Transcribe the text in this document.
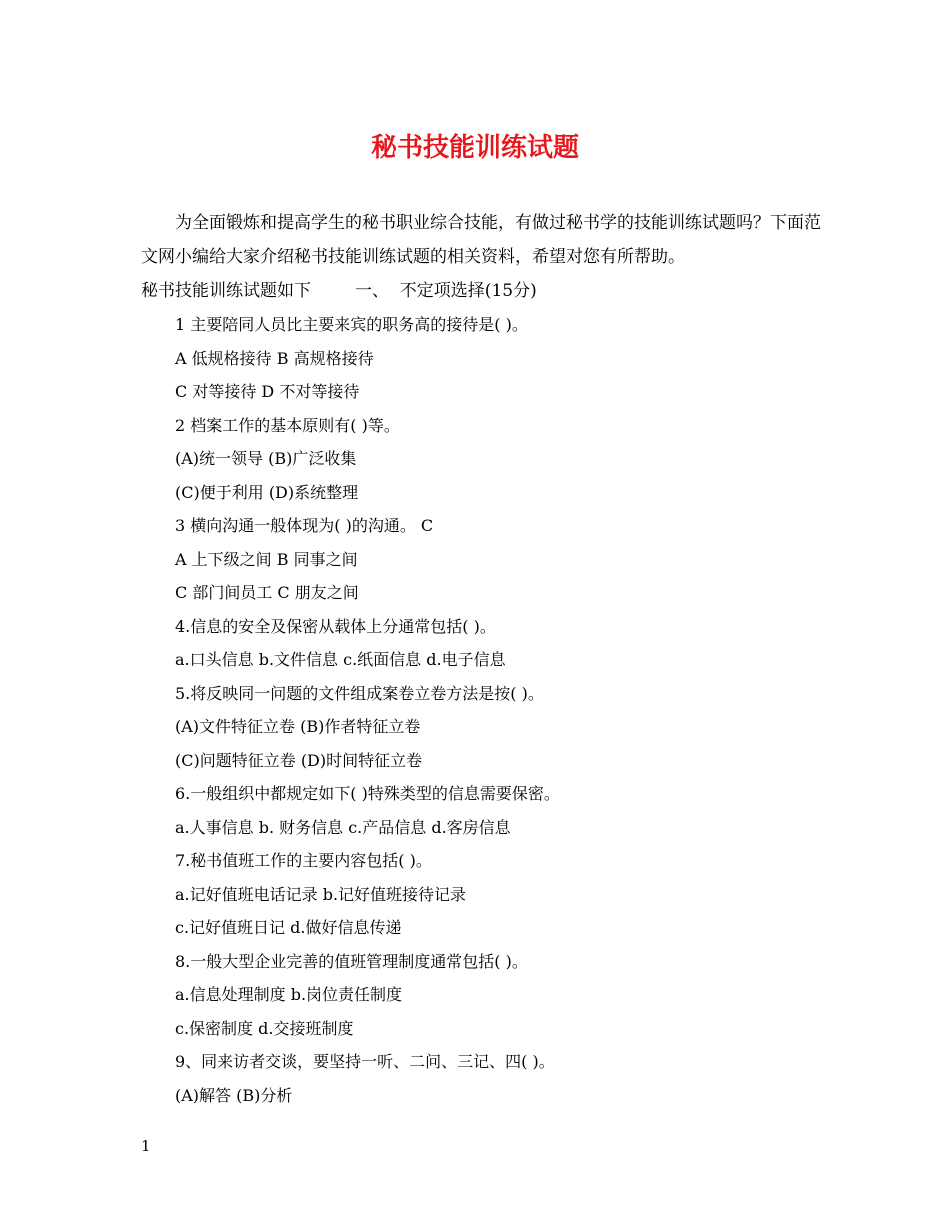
秘书技能训练试题
为全面锻炼和提高学生的秘书职业综合技能，有做过秘书学的技能训练试题吗？下面范文网小编给大家介绍秘书技能训练试题的相关资料，希望对您有所帮助。
秘书技能训练试题如下	一、  不定项选择(15分)
1 主要陪同人员比主要来宾的职务高的接待是( )。
A 低规格接待 B 高规格接待
C 对等接待 D 不对等接待
2 档案工作的基本原则有( )等。
(A)统一领导 (B)广泛收集
(C)便于利用 (D)系统整理
3 横向沟通一般体现为( )的沟通。 C
A 上下级之间 B 同事之间
C 部门间员工 C 朋友之间
4.信息的安全及保密从载体上分通常包括( )。
a.口头信息 b.文件信息 c.纸面信息 d.电子信息
5.将反映同一问题的文件组成案卷立卷方法是按( )。
(A)文件特征立卷 (B)作者特征立卷
(C)问题特征立卷 (D)时间特征立卷
6.一般组织中都规定如下( )特殊类型的信息需要保密。
a.人事信息 b. 财务信息 c.产品信息 d.客房信息
7.秘书值班工作的主要内容包括( )。
a.记好值班电话记录 b.记好值班接待记录
c.记好值班日记 d.做好信息传递
8.一般大型企业完善的值班管理制度通常包括( )。
a.信息处理制度 b.岗位责任制度
c.保密制度 d.交接班制度
9、同来访者交谈，要坚持一听、二问、三记、四( )。
(A)解答 (B)分析
1
